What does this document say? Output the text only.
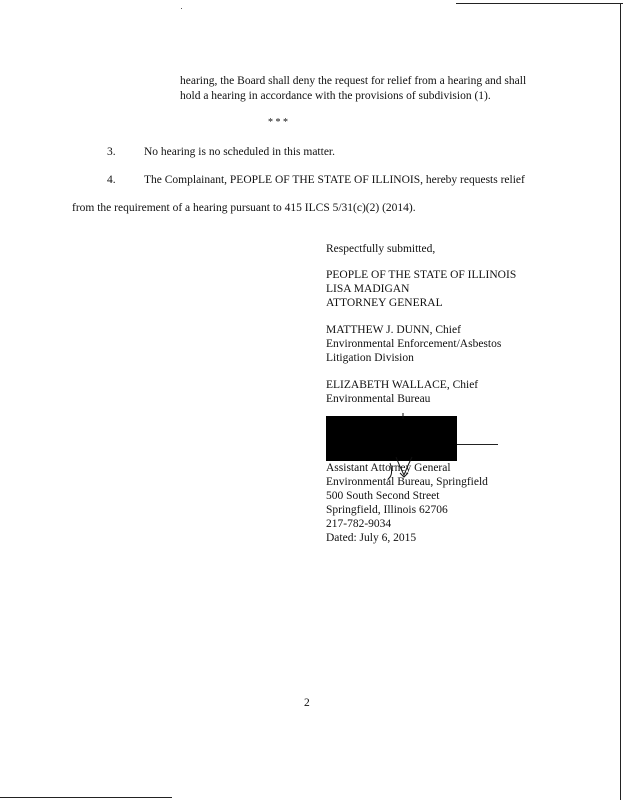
hearing, the Board shall deny the request for relief from a hearing and shall
hold a hearing in accordance with the provisions of subdivision (1).
* * *
3. No hearing is no scheduled in this matter.
4. The Complainant, PEOPLE OF THE STATE OF ILLINOIS, hereby requests relief
from the requirement of a hearing pursuant to 415 ILCS 5/31(c)(2) (2014).
Respectfully submitted,
PEOPLE OF THE STATE OF ILLINOIS
LISA MADIGAN
ATTORNEY GENERAL
MATTHEW J. DUNN, Chief
Environmental Enforcement/Asbestos
Litigation Division
ELIZABETH WALLACE, Chief
Environmental Bureau
Assistant Attorney General
Environmental Bureau, Springfield
500 South Second Street
Springfield, Illinois 62706
217-782-9034
Dated: July 6, 2015
2
